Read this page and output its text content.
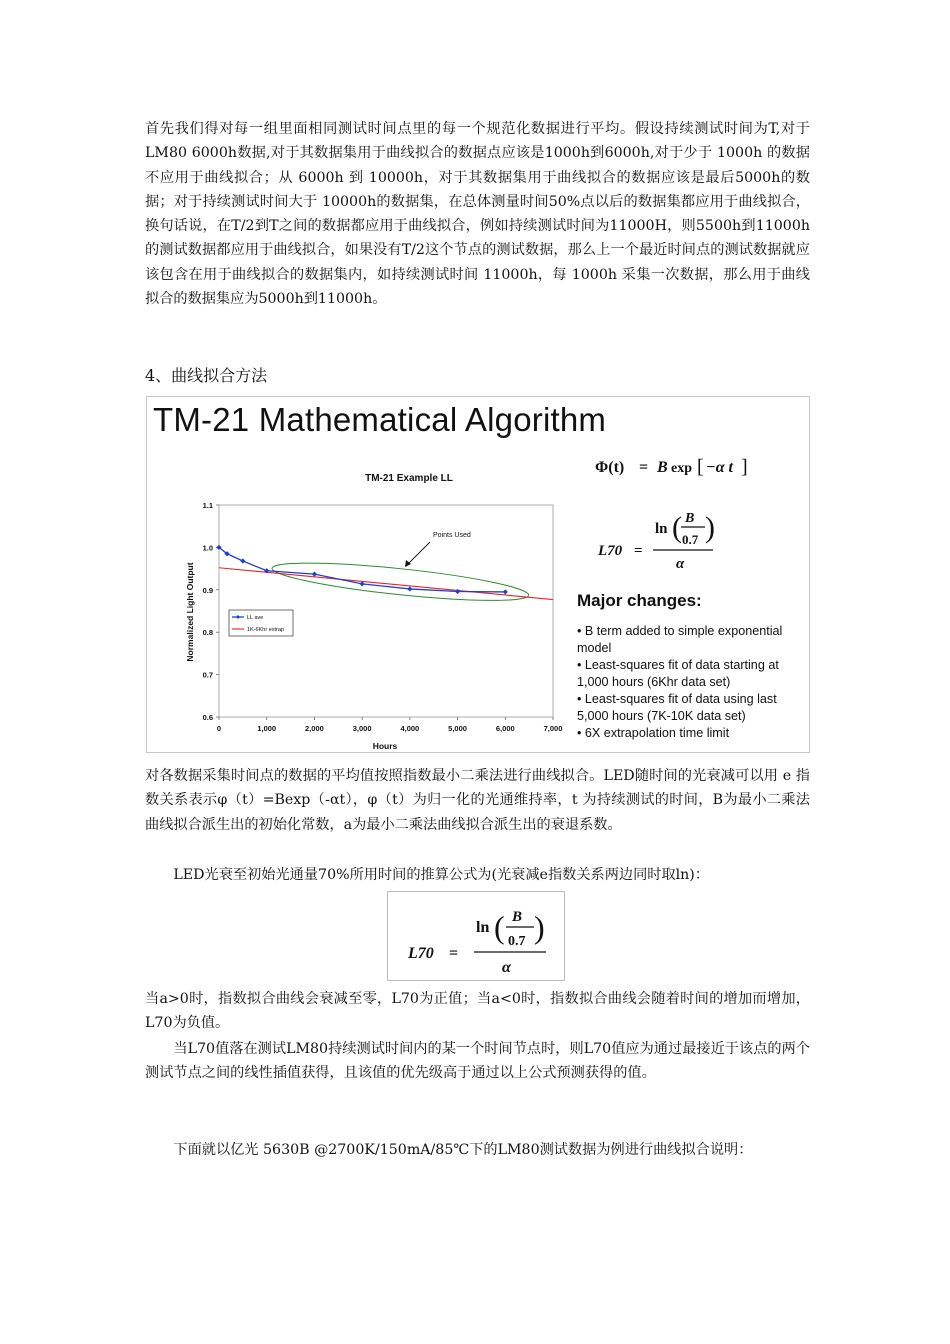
首先我们得对每一组里面相同测试时间点里的每一个规范化数据进行平均。假设持续测试时间为T,对于LM80 6000h数据,对于其数据集用于曲线拟合的数据点应该是1000h到6000h,对于少于 1000h 的数据不应用于曲线拟合；从 6000h 到 10000h，对于其数据集用于曲线拟合的数据应该是最后5000h的数据；对于持续测试时间大于 10000h的数据集，在总体测量时间50%点以后的数据集都应用于曲线拟合，换句话说，在T/2到T之间的数据都应用于曲线拟合，例如持续测试时间为11000H，则5500h到11000h的测试数据都应用于曲线拟合，如果没有T/2这个节点的测试数据，那么上一个最近时间点的测试数据就应该包含在用于曲线拟合的数据集内，如持续测试时间 11000h，每 1000h 采集一次数据，那么用于曲线拟合的数据集应为5000h到11000h。

4、曲线拟合方法
TM-21 Mathematical Algorithm
TM-21 Example LL
0	1,000	2,000	3,000	4,000	5,000	6,000	7,000
0.6
0.7
0.8
0.9
1.0
1.1
LL ave
1K-6Khr extrap
Hours
Normalized Light Output
Points Used
Φ(t) = B exp [ −α t ]
L70 =
ln ( B
0.7 )
α
Major changes:
• B term added to simple exponential model
• Least-squares fit of data starting at 1,000 hours (6Khr data set)
• Least-squares fit of data using last 5,000 hours (7K-10K data set)
• 6X extrapolation time limit

对各数据采集时间点的数据的平均值按照指数最小二乘法进行曲线拟合。LED随时间的光衰减可以用 e 指数关系表示φ（t）=Bexp（-αt），φ（t）为归一化的光通维持率，t 为持续测试的时间，B为最小二乘法曲线拟合派生出的初始化常数，a为最小二乘法曲线拟合派生出的衰退系数。

LED光衰至初始光通量70%所用时间的推算公式为(光衰减e指数关系两边同时取ln)：

L70 =
ln ( B
0.7 )
α

当a>0时，指数拟合曲线会衰减至零，L70为正值；当a<0时，指数拟合曲线会随着时间的增加而增加，L70为负值。

当L70值落在测试LM80持续测试时间内的某一个时间节点时，则L70值应为通过最接近于该点的两个测试节点之间的线性插值获得，且该值的优先级高于通过以上公式预测获得的值。

下面就以亿光 5630B @2700K/150mA/85℃下的LM80测试数据为例进行曲线拟合说明：
